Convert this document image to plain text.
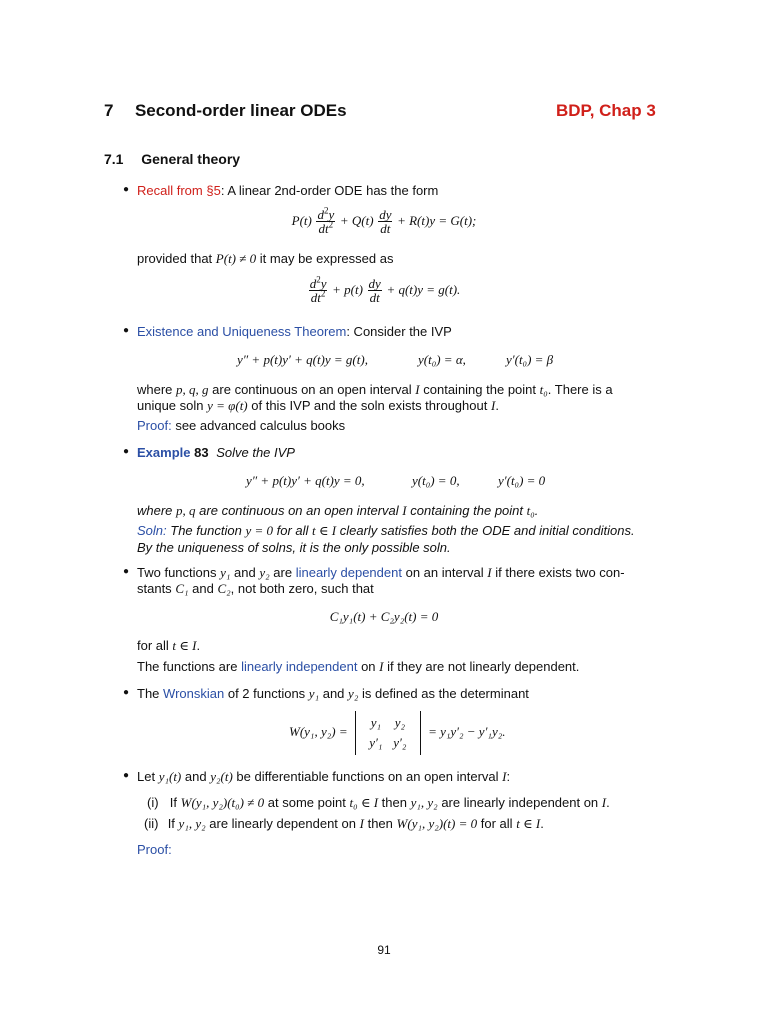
7 Second-order linear ODEs	BDP, Chap 3
7.1 General theory
● Recall from §5: A linear 2nd-order ODE has the form
$P(t) \frac{d^2y}{dt^2} + Q(t) \frac{dy}{dt} + R(t)y = G(t)$;
provided that P(t) ≠ 0 it may be expressed as
$\frac{d^2y}{dt^2} + p(t) \frac{dy}{dt} + q(t)y = g(t)$.
● Existence and Uniqueness Theorem: Consider the IVP
y″ + p(t)y′ + q(t)y = g(t),	y(t₀) = α,	y′(t₀) = β
where p, q, g are continuous on an open interval I containing the point t₀. There is a
unique soln y = φ(t) of this IVP and the soln exists throughout I.
Proof: see advanced calculus books
● Example 83 Solve the IVP
y″ + p(t)y′ + q(t)y = 0,	y(t₀) = 0,	y′(t₀) = 0
where p, q are continuous on an open interval I containing the point t₀.
Soln: The function y = 0 for all t ∈ I clearly satisfies both the ODE and initial conditions.
By the uniqueness of solns, it is the only possible soln.
● Two functions y₁ and y₂ are linearly dependent on an interval I if there exists two con-
stants C₁ and C₂, not both zero, such that
C₁y₁(t) + C₂y₂(t) = 0
for all t ∈ I.
The functions are linearly independent on I if they are not linearly dependent.
● The Wronskian of 2 functions y₁ and y₂ is defined as the determinant
W(y₁, y₂) =
y₁ y₂
y′₁ y′₂
= y₁y′₂ − y′₁y₂.
● Let y₁(t) and y₂(t) be differentiable functions on an open interval I:
(i) If W(y₁, y₂)(t₀) ≠ 0 at some point t₀ ∈ I then y₁, y₂ are linearly independent on I.
(ii) If y₁, y₂ are linearly dependent on I then W(y₁, y₂)(t) = 0 for all t ∈ I.
Proof:
91
